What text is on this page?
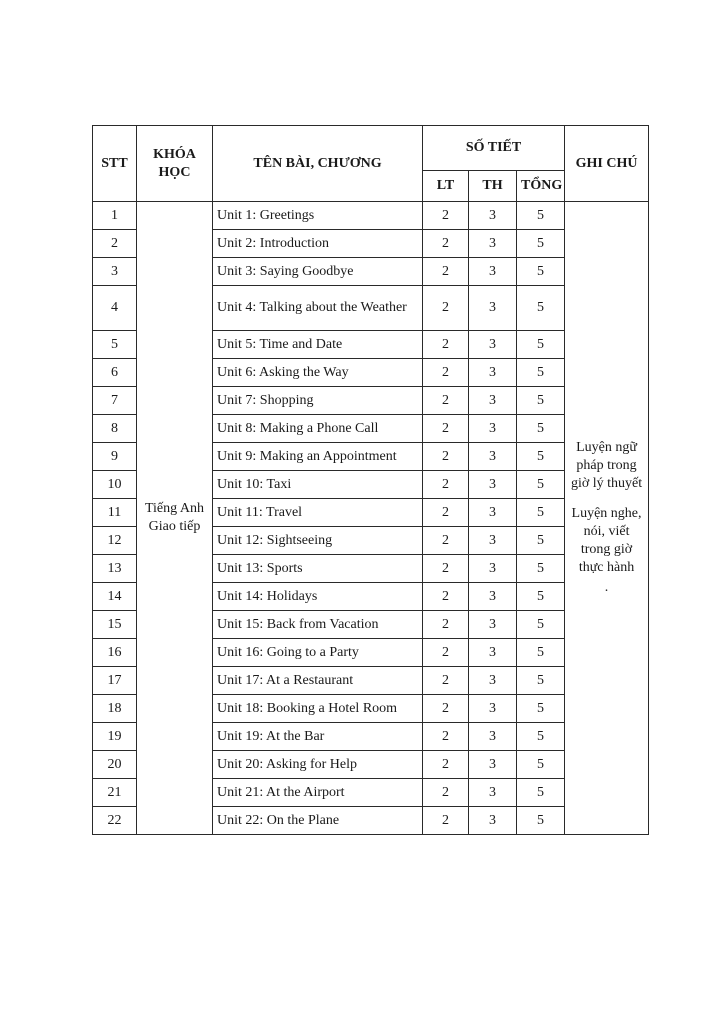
STT	KHÓA HỌC	TÊN BÀI, CHƯƠNG	SỐ TIẾT			GHI CHÚ
			LT	TH	TỔNG	
1	Tiếng Anh Giao tiếp	Unit 1: Greetings	2	3	5	Luyện ngữ pháp trong giờ lý thuyết

Luyện nghe, nói, viết trong giờ thực hành

.

2		Unit 2: Introduction	2	3	5	
3		Unit 3: Saying Goodbye	2	3	5	
4		Unit 4: Talking about the Weather	2	3	5	
5		Unit 5: Time and Date	2	3	5	
6		Unit 6: Asking the Way	2	3	5	
7		Unit 7: Shopping	2	3	5	
8		Unit 8: Making a Phone Call	2	3	5	
9		Unit 9: Making an Appointment	2	3	5	
10		Unit 10: Taxi	2	3	5	
11		Unit 11: Travel	2	3	5	
12		Unit 12: Sightseeing	2	3	5	
13		Unit 13: Sports	2	3	5	
14		Unit 14: Holidays	2	3	5	
15		Unit 15: Back from Vacation	2	3	5	
16		Unit 16: Going to a Party	2	3	5	
17		Unit 17: At a Restaurant	2	3	5	
18		Unit 18: Booking a Hotel Room	2	3	5	
19		Unit 19: At the Bar	2	3	5	
20		Unit 20: Asking for Help	2	3	5	
21		Unit 21: At the Airport	2	3	5	
22		Unit 22: On the Plane	2	3	5	
